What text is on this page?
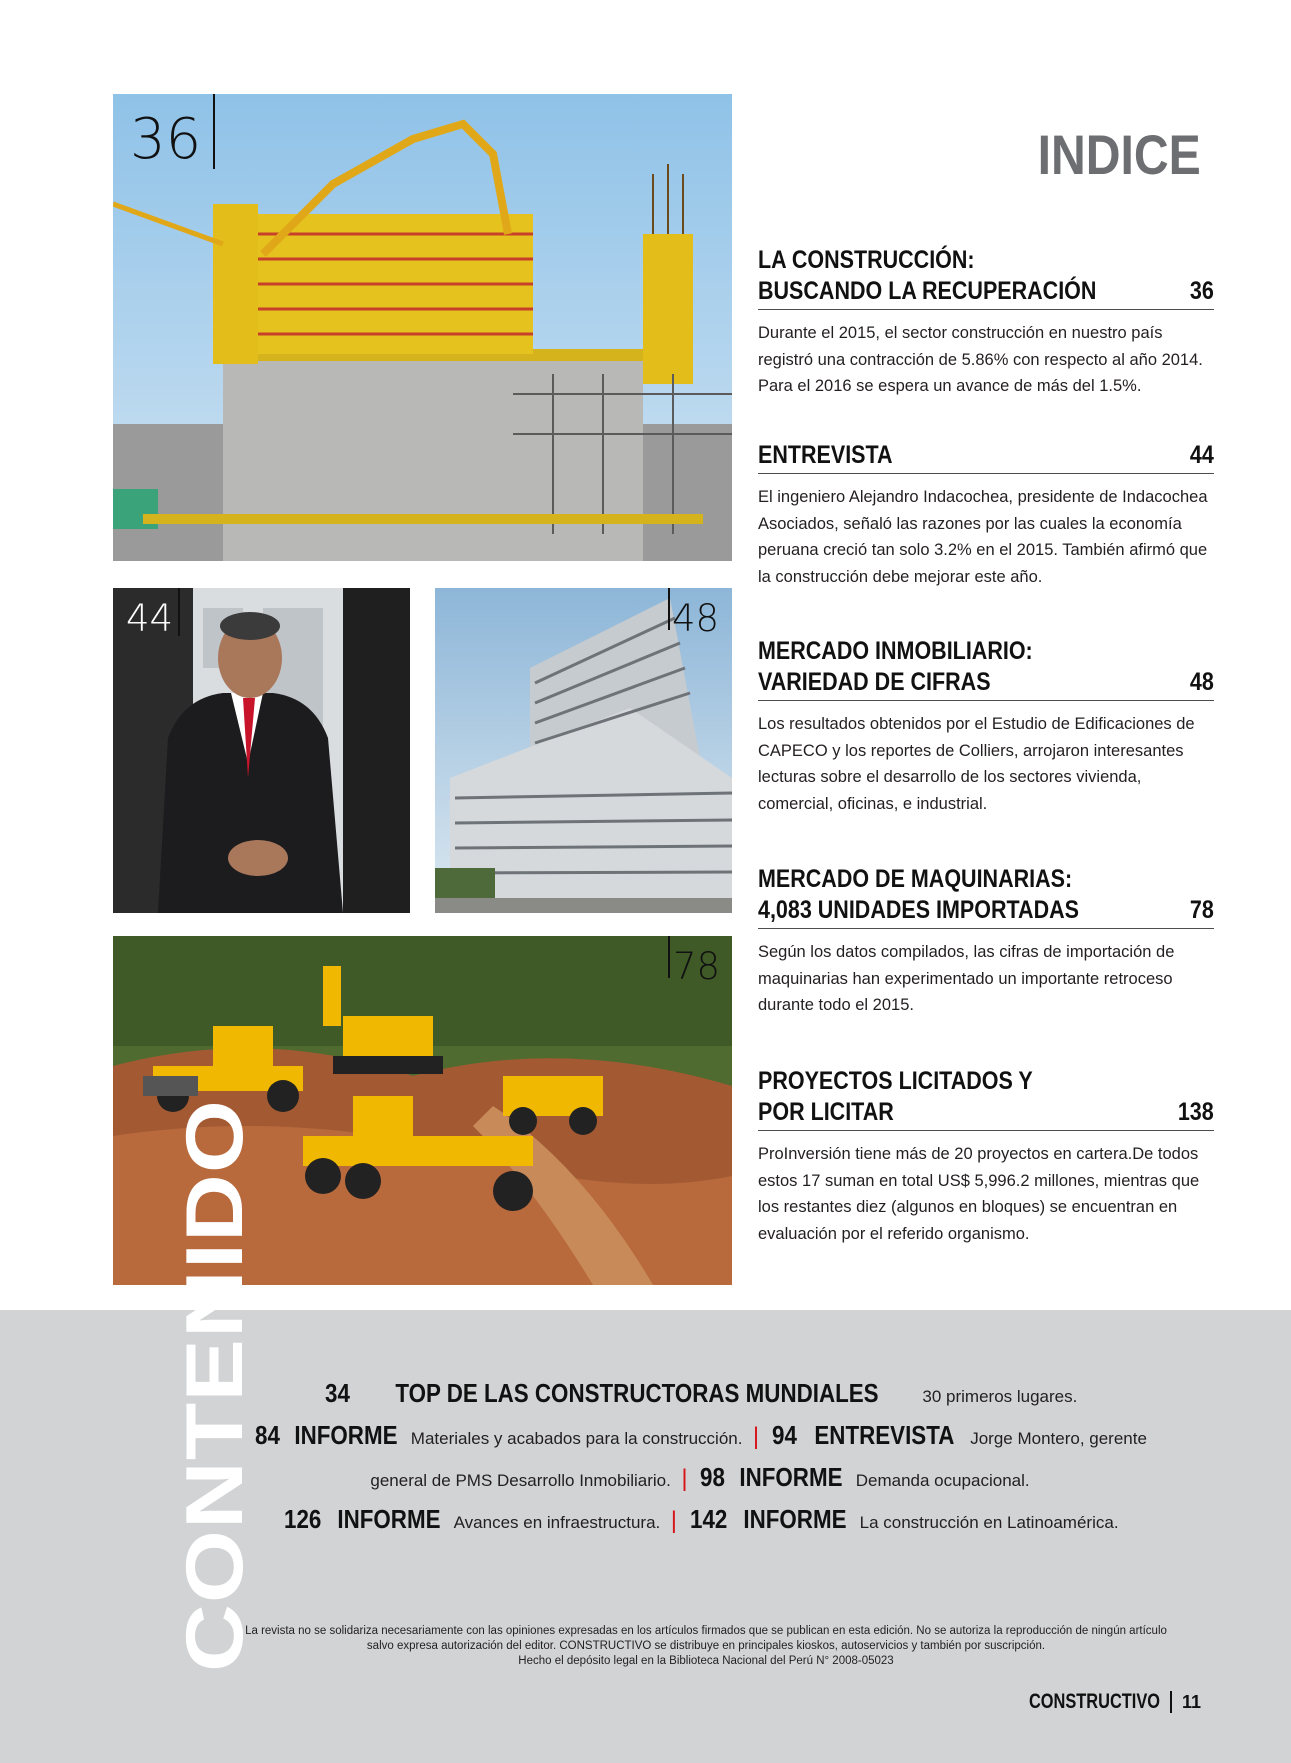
36
44	48
78
INDICE
LA CONSTRUCCIÓN:
BUSCANDO LA RECUPERACIÓN	36
Durante el 2015, el sector construcción en nuestro país registró una contracción de 5.86% con respecto al año 2014. Para el 2016 se espera un avance de más del 1.5%.
ENTREVISTA	44
El ingeniero Alejandro Indacochea, presidente de Indacochea Asociados, señaló las razones por las cuales la economía peruana creció tan solo 3.2% en el 2015. También afirmó que la construcción debe mejorar este año.
MERCADO INMOBILIARIO:
VARIEDAD DE CIFRAS	48
Los resultados obtenidos por el Estudio de Edificaciones de CAPECO y los reportes de Colliers, arrojaron interesantes lecturas sobre el desarrollo de los sectores vivienda, comercial, oficinas, e industrial.
MERCADO DE MAQUINARIAS:
4,083 UNIDADES IMPORTADAS	78
Según los datos compilados, las cifras de importación de maquinarias han experimentado un importante retroceso durante todo el 2015.
PROYECTOS LICITADOS Y
POR LICITAR	138
ProInversión tiene más de 20 proyectos en cartera.De todos estos 17 suman en total US$ 5,996.2 millones, mientras que los restantes diez (algunos en bloques) se encuentran en evaluación por el referido organismo.
CONTENIDO	34 TOP DE LAS CONSTRUCTORAS MUNDIALES	30 primeros lugares.
84 INFORME Materiales y acabados para la construcción. | 94 ENTREVISTA Jorge Montero, gerente
general de PMS Desarrollo Inmobiliario. | 98 INFORME Demanda ocupacional.
126 INFORME Avances en infraestructura. | 142 INFORME La construcción en Latinoamérica.
La revista no se solidariza necesariamente con las opiniones expresadas en los artículos firmados que se publican en esta edición. No se autoriza la reproducción de ningún artículo
salvo expresa autorización del editor. CONSTRUCTIVO se distribuye en principales kioskos, autoservicios y también por suscripción.
Hecho el depósito legal en la Biblioteca Nacional del Perú N° 2008-05023
CONSTRUCTIVO 11
